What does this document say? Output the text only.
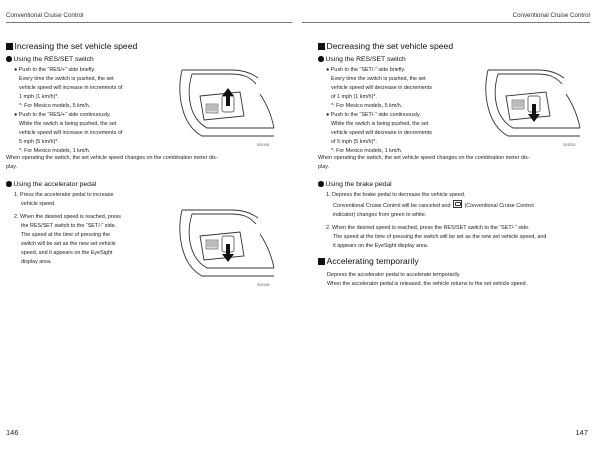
Conventional Cruise Control
Increasing the set vehicle speed
Using the RES/SET switch
● Push to the “RES/+” side briefly.
Every time the switch is pushed, the set
vehicle speed will increase in increments of
1 mph (1 km/h)*.
*: For Mexico models, 5 km/h.
● Push to the “RES/+” side continuously.
While the switch is being pushed, the set
vehicle speed will increase in increments of
5 mph (5 km/h)*.
*: For Mexico models, 1 km/h.
S03195
When operating the switch, the set vehicle speed changes on the combination meter dis-
play.
Using the accelerator pedal
1. Press the accelerator pedal to increase
vehicle speed.
2. When the desired speed is reached, press
the RES/SET switch to the “SET/-” side.
The speed at the time of pressing the
switch will be set as the new set vehicle
speed, and it appears on the EyeSight
display area.
S03196
146
Conventional Cruise Control
Decreasing the set vehicle speed
Using the RES/SET switch
● Push to the “SET/-” side briefly.
Every time the switch is pushed, the set
vehicle speed will decrease in decrements
of 1 mph (1 km/h)*.
*: For Mexico models, 5 km/h.
● Push to the “SET/-” side continuously.
While the switch is being pushed, the set
vehicle speed will decrease in decrements
of 5 mph (5 km/h)*.
*: For Mexico models, 1 km/h.
S03205
When operating the switch, the set vehicle speed changes on the combination meter dis-
play.
Using the brake pedal
1. Depress the brake pedal to decrease the vehicle speed.
Conventional Cruise Control will be canceled and	(Conventional Cruise Control
indicator) changes from green to white.
2. When the desired speed is reached, press the RES/SET switch to the “SET/-” side.
The speed at the time of pressing the switch will be set as the new set vehicle speed, and
it appears on the EyeSight display area.
Accelerating temporarily
Depress the accelerator pedal to accelerate temporarily.
When the accelerator pedal is released, the vehicle returns to the set vehicle speed.
147
